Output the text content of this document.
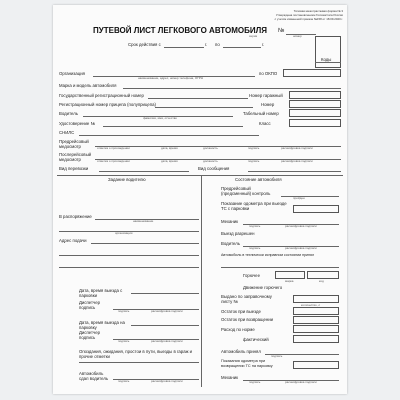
Типовая межотраслевая форма № 3
Утверждена постановлением Госкомстата России
с учетом изменений приказа №158 от 18.09.2020 г.
ПУТЕВОЙ ЛИСТ ЛЕГКОВОГО АВТОМОБИЛЯ №
серия	номер
Срок действия с	г. по	г.
Коды
Организация
наименование, адрес, номер телефона, ОГРН
по ОКПО
Марка и модель автомобиля
Государственный регистрационный номер	Номер гаражный
Регистрационный номер прицепа (полуприцепа)	Номер
Водитель
фамилия, имя, отчество
Табельный номер
Удостоверение №	Класс
СНИЛС
Предрейсовый медосмотр	отметка о прохождении	дата, время	должность	подпись	расшифровка подписи
Послерейсовый медосмотр	отметка о прохождении	дата, время	должность	подпись	расшифровка подписи
Вид перевозки	Вид сообщения
Задание водителю
В распоряжение
наименование
организации
Адрес подачи
Дата, время выезда с парковки
Диспетчер подпись
подпись	расшифровка подписи
Дата, время выезда на парковку
Диспетчер подпись
подпись	расшифровка подписи
Опоздания, ожидания, простои в пути, выезды в гараж и прочие отметки
Автомобиль сдал водитель	подпись	расшифровка подписи
Состояние автомобиля
Предрейсовый (предсменный) контроль
пройден
Показание одометра при выезде ТС с парковки
Механик
подпись	расшифровка подписи
Выезд разрешен
Водитель
подпись	расшифровка подписи
Автомобиль в технически исправном состоянии принял
Горючее
марка	код
Движение горючего
Выдано по заправочному листу №
количество, л
Остаток при выезде
Остаток при возвращении
Расход по норме
фактический
Автомобиль принял
подпись
Показания одометра при возвращении ТС на парковку
Механик
подпись	расшифровка подписи
